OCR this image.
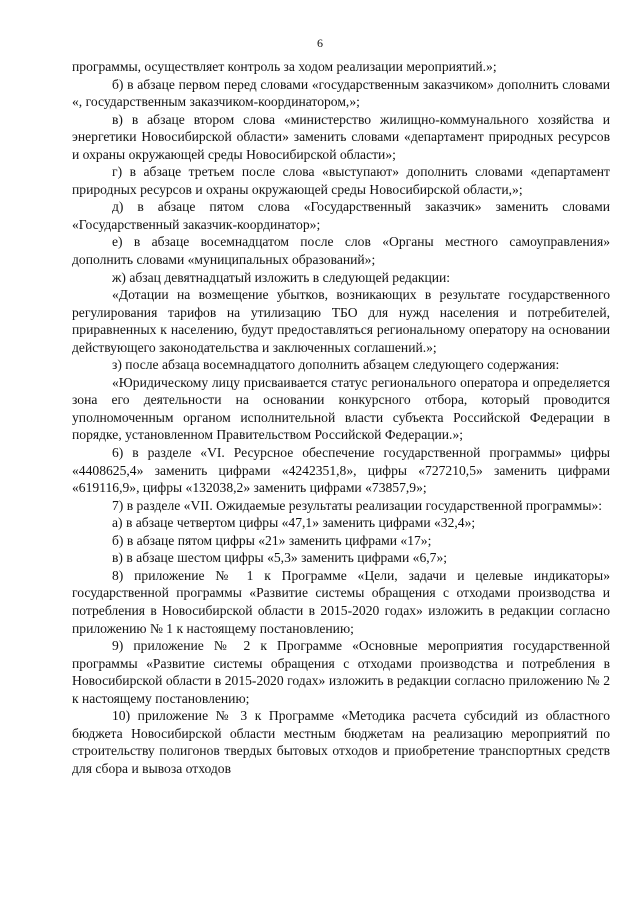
6

программы, осуществляет контроль за ходом реализации мероприятий.»;

б) в абзаце первом перед словами «государственным заказчиком» дополнить словами «, государственным заказчиком-координатором,»;

в) в абзаце втором слова «министерство жилищно-коммунального хозяйства и энергетики Новосибирской области» заменить словами «департамент природных ресурсов и охраны окружающей среды Новосибирской области»;

г) в абзаце третьем после слова «выступают» дополнить словами «департамент природных ресурсов и охраны окружающей среды Новосибирской области,»;

д) в абзаце пятом слова «Государственный заказчик» заменить словами «Государственный заказчик-координатор»;

е) в абзаце восемнадцатом после слов «Органы местного самоуправления» дополнить словами «муниципальных образований»;

ж) абзац девятнадцатый изложить в следующей редакции:

«Дотации на возмещение убытков, возникающих в результате государственного регулирования тарифов на утилизацию ТБО для нужд населения и потребителей, приравненных к населению, будут предоставляться региональному оператору на основании действующего законодательства и заключенных соглашений.»;

з) после абзаца восемнадцатого дополнить абзацем следующего содержания:

«Юридическому лицу присваивается статус регионального оператора и определяется зона его деятельности на основании конкурсного отбора, который проводится уполномоченным органом исполнительной власти субъекта Российской Федерации в порядке, установленном Правительством Российской Федерации.»;

6) в разделе «VI. Ресурсное обеспечение государственной программы» цифры «4408625,4» заменить цифрами «4242351,8», цифры «727210,5» заменить цифрами «619116,9», цифры «132038,2» заменить цифрами «73857,9»;

7) в разделе «VII. Ожидаемые результаты реализации государственной программы»:

а) в абзаце четвертом цифры «47,1» заменить цифрами «32,4»;

б) в абзаце пятом цифры «21» заменить цифрами «17»;

в) в абзаце шестом цифры «5,3» заменить цифрами «6,7»;

8) приложение № 1 к Программе «Цели, задачи и целевые индикаторы» государственной программы «Развитие системы обращения с отходами производства и потребления в Новосибирской области в 2015-2020 годах» изложить в редакции согласно приложению № 1 к настоящему постановлению;

9) приложение № 2 к Программе «Основные мероприятия государственной программы «Развитие системы обращения с отходами производства и потребления в Новосибирской области в 2015-2020 годах» изложить в редакции согласно приложению № 2 к настоящему постановлению;

10) приложение № 3 к Программе «Методика расчета субсидий из областного бюджета Новосибирской области местным бюджетам на реализацию мероприятий по строительству полигонов твердых бытовых отходов и приобретение транспортных средств для сбора и вывоза отходов
